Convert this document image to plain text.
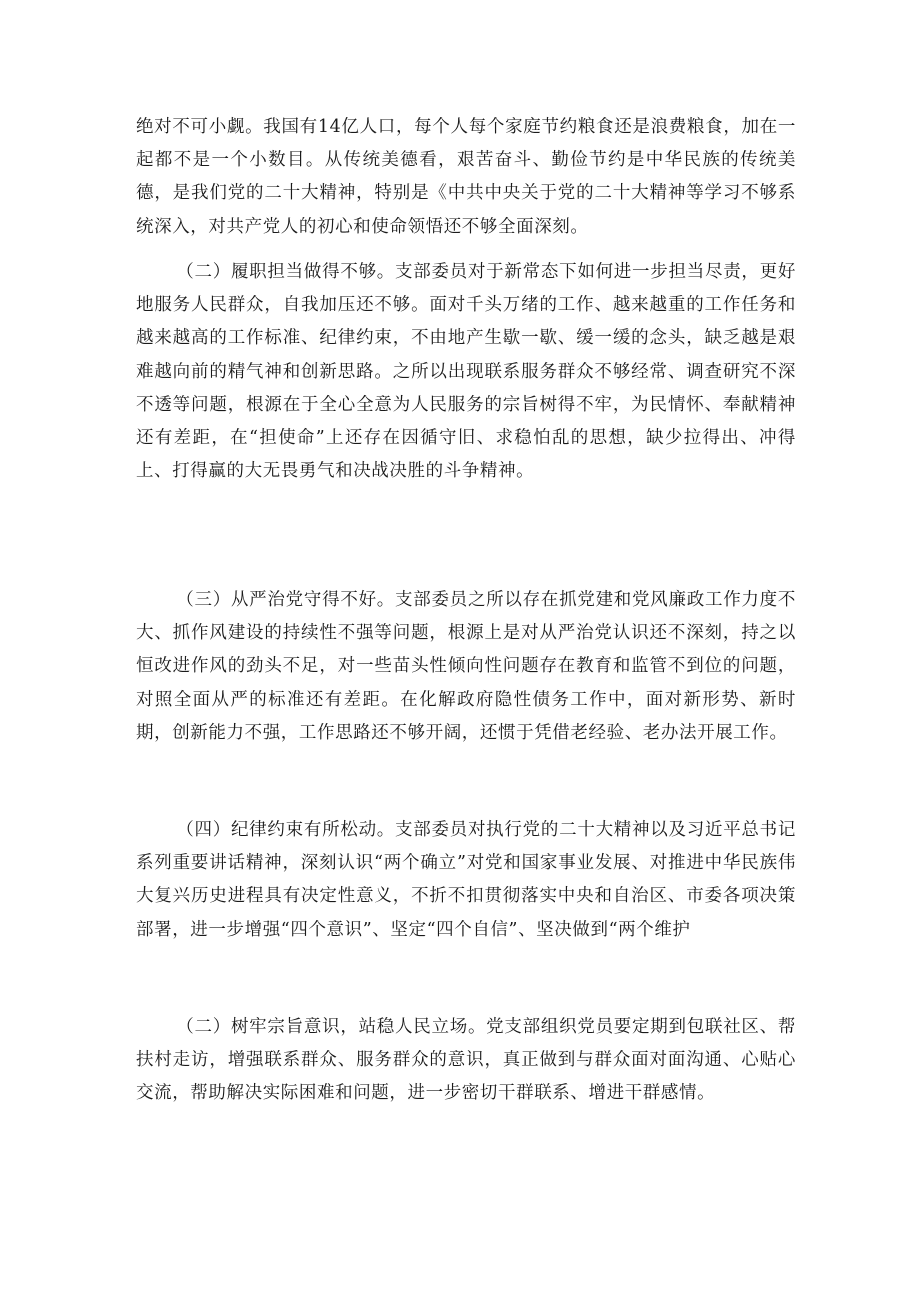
绝对不可小觑。我国有14亿人口，每个人每个家庭节约粮食还是浪费粮食，加在一起都不是一个小数目。从传统美德看，艰苦奋斗、勤俭节约是中华民族的传统美德，是我们党的二十大精神，特别是《中共中央关于党的二十大精神等学习不够系统深入，对共产党人的初心和使命领悟还不够全面深刻。

（二）履职担当做得不够。支部委员对于新常态下如何进一步担当尽责，更好地服务人民群众，自我加压还不够。面对千头万绪的工作、越来越重的工作任务和越来越高的工作标准、纪律约束，不由地产生歇一歇、缓一缓的念头，缺乏越是艰难越向前的精气神和创新思路。之所以出现联系服务群众不够经常、调查研究不深不透等问题，根源在于全心全意为人民服务的宗旨树得不牢，为民情怀、奉献精神还有差距，在“担使命”上还存在因循守旧、求稳怕乱的思想，缺少拉得出、冲得上、打得赢的大无畏勇气和决战决胜的斗争精神。

（三）从严治党守得不好。支部委员之所以存在抓党建和党风廉政工作力度不大、抓作风建设的持续性不强等问题，根源上是对从严治党认识还不深刻，持之以恒改进作风的劲头不足，对一些苗头性倾向性问题存在教育和监管不到位的问题，对照全面从严的标准还有差距。在化解政府隐性债务工作中，面对新形势、新时期，创新能力不强，工作思路还不够开阔，还惯于凭借老经验、老办法开展工作。

（四）纪律约束有所松动。支部委员对执行党的二十大精神以及习近平总书记系列重要讲话精神，深刻认识“两个确立”对党和国家事业发展、对推进中华民族伟大复兴历史进程具有决定性意义，不折不扣贯彻落实中央和自治区、市委各项决策部署，进一步增强“四个意识”、坚定“四个自信”、坚决做到“两个维护

（二）树牢宗旨意识，站稳人民立场。党支部组织党员要定期到包联社区、帮扶村走访，增强联系群众、服务群众的意识，真正做到与群众面对面沟通、心贴心交流，帮助解决实际困难和问题，进一步密切干群联系、增进干群感情。
